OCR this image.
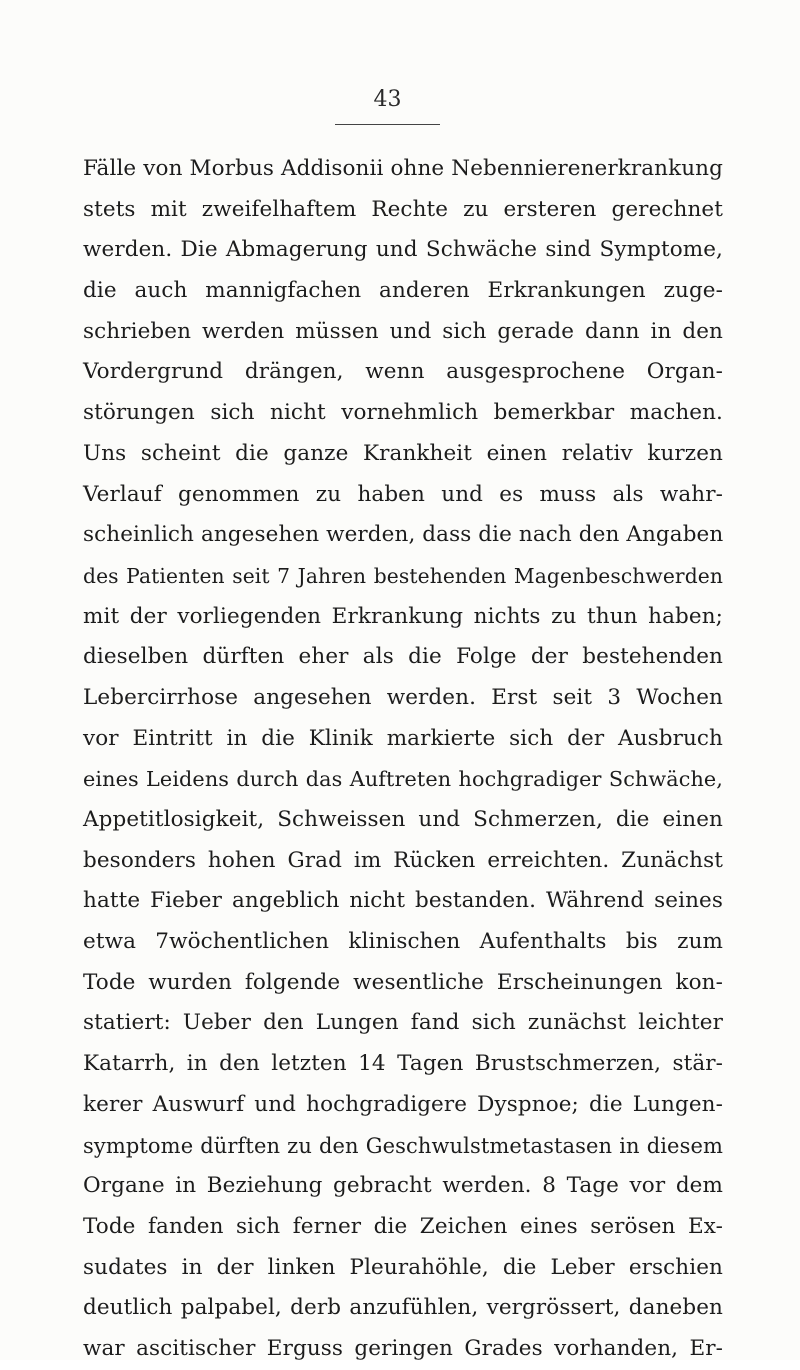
43
Fälle von Morbus Addisonii ohne Nebennierenerkrankung
stets mit zweifelhaftem Rechte zu ersteren gerechnet
werden. Die Abmagerung und Schwäche sind Symptome,
die auch mannigfachen anderen Erkrankungen zuge-
schrieben werden müssen und sich gerade dann in den
Vordergrund drängen, wenn ausgesprochene Organ-
störungen sich nicht vornehmlich bemerkbar machen.
Uns scheint die ganze Krankheit einen relativ kurzen
Verlauf genommen zu haben und es muss als wahr-
scheinlich angesehen werden, dass die nach den Angaben
des Patienten seit 7 Jahren bestehenden Magenbeschwerden
mit der vorliegenden Erkrankung nichts zu thun haben;
dieselben dürften eher als die Folge der bestehenden
Lebercirrhose angesehen werden. Erst seit 3 Wochen
vor Eintritt in die Klinik markierte sich der Ausbruch
eines Leidens durch das Auftreten hochgradiger Schwäche,
Appetitlosigkeit, Schweissen und Schmerzen, die einen
besonders hohen Grad im Rücken erreichten. Zunächst
hatte Fieber angeblich nicht bestanden. Während seines
etwa 7wöchentlichen klinischen Aufenthalts bis zum
Tode wurden folgende wesentliche Erscheinungen kon-
statiert: Ueber den Lungen fand sich zunächst leichter
Katarrh, in den letzten 14 Tagen Brustschmerzen, stär-
kerer Auswurf und hochgradigere Dyspnoe; die Lungen-
symptome dürften zu den Geschwulstmetastasen in diesem
Organe in Beziehung gebracht werden. 8 Tage vor dem
Tode fanden sich ferner die Zeichen eines serösen Ex-
sudates in der linken Pleurahöhle, die Leber erschien
deutlich palpabel, derb anzufühlen, vergrössert, daneben
war ascitischer Erguss geringen Grades vorhanden, Er-
